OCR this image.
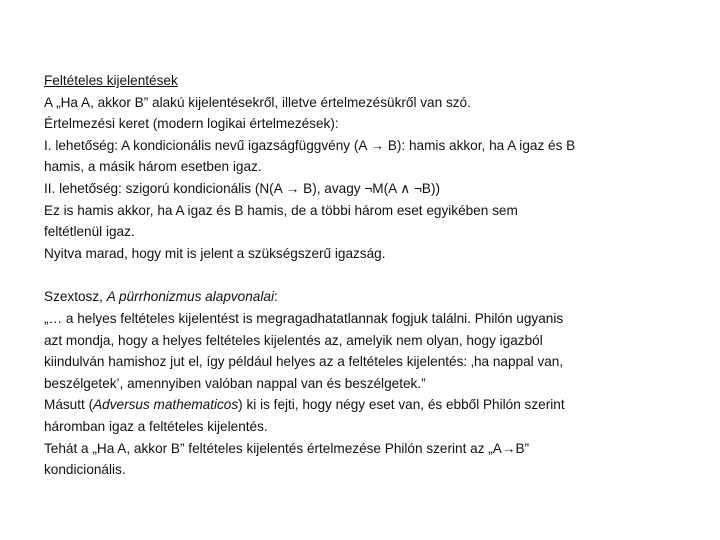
Feltételes kijelentések
A „Ha A, akkor B” alakú kijelentésekről, illetve értelmezésükről van szó.
Értelmezési keret (modern logikai értelmezések):
I. lehetőség: A kondicionális nevű igazságfüggvény (A → B): hamis akkor, ha A igaz és B
hamis, a másik három esetben igaz.
II. lehetőség: szigorú kondicionális (N(A → B), avagy ¬M(A ∧ ¬B))
Ez is hamis akkor, ha A igaz és B hamis, de a többi három eset egyikében sem
feltétlenül igaz.
Nyitva marad, hogy mit is jelent a szükségszerű igazság.
Szextosz, A pürrhonizmus alapvonalai:
„… a helyes feltételes kijelentést is megragadhatatlannak fogjuk találni. Philón ugyanis
azt mondja, hogy a helyes feltételes kijelentés az, amelyik nem olyan, hogy igazból
kiindulván hamishoz jut el, így például helyes az a feltételes kijelentés: ‚ha nappal van,
beszélgetek’, amennyiben valóban nappal van és beszélgetek.”
Másutt (Adversus mathematicos) ki is fejti, hogy négy eset van, és ebből Philón szerint
háromban igaz a feltételes kijelentés.
Tehát a „Ha A, akkor B” feltételes kijelentés értelmezése Philón szerint az „A→B”
kondicionális.
